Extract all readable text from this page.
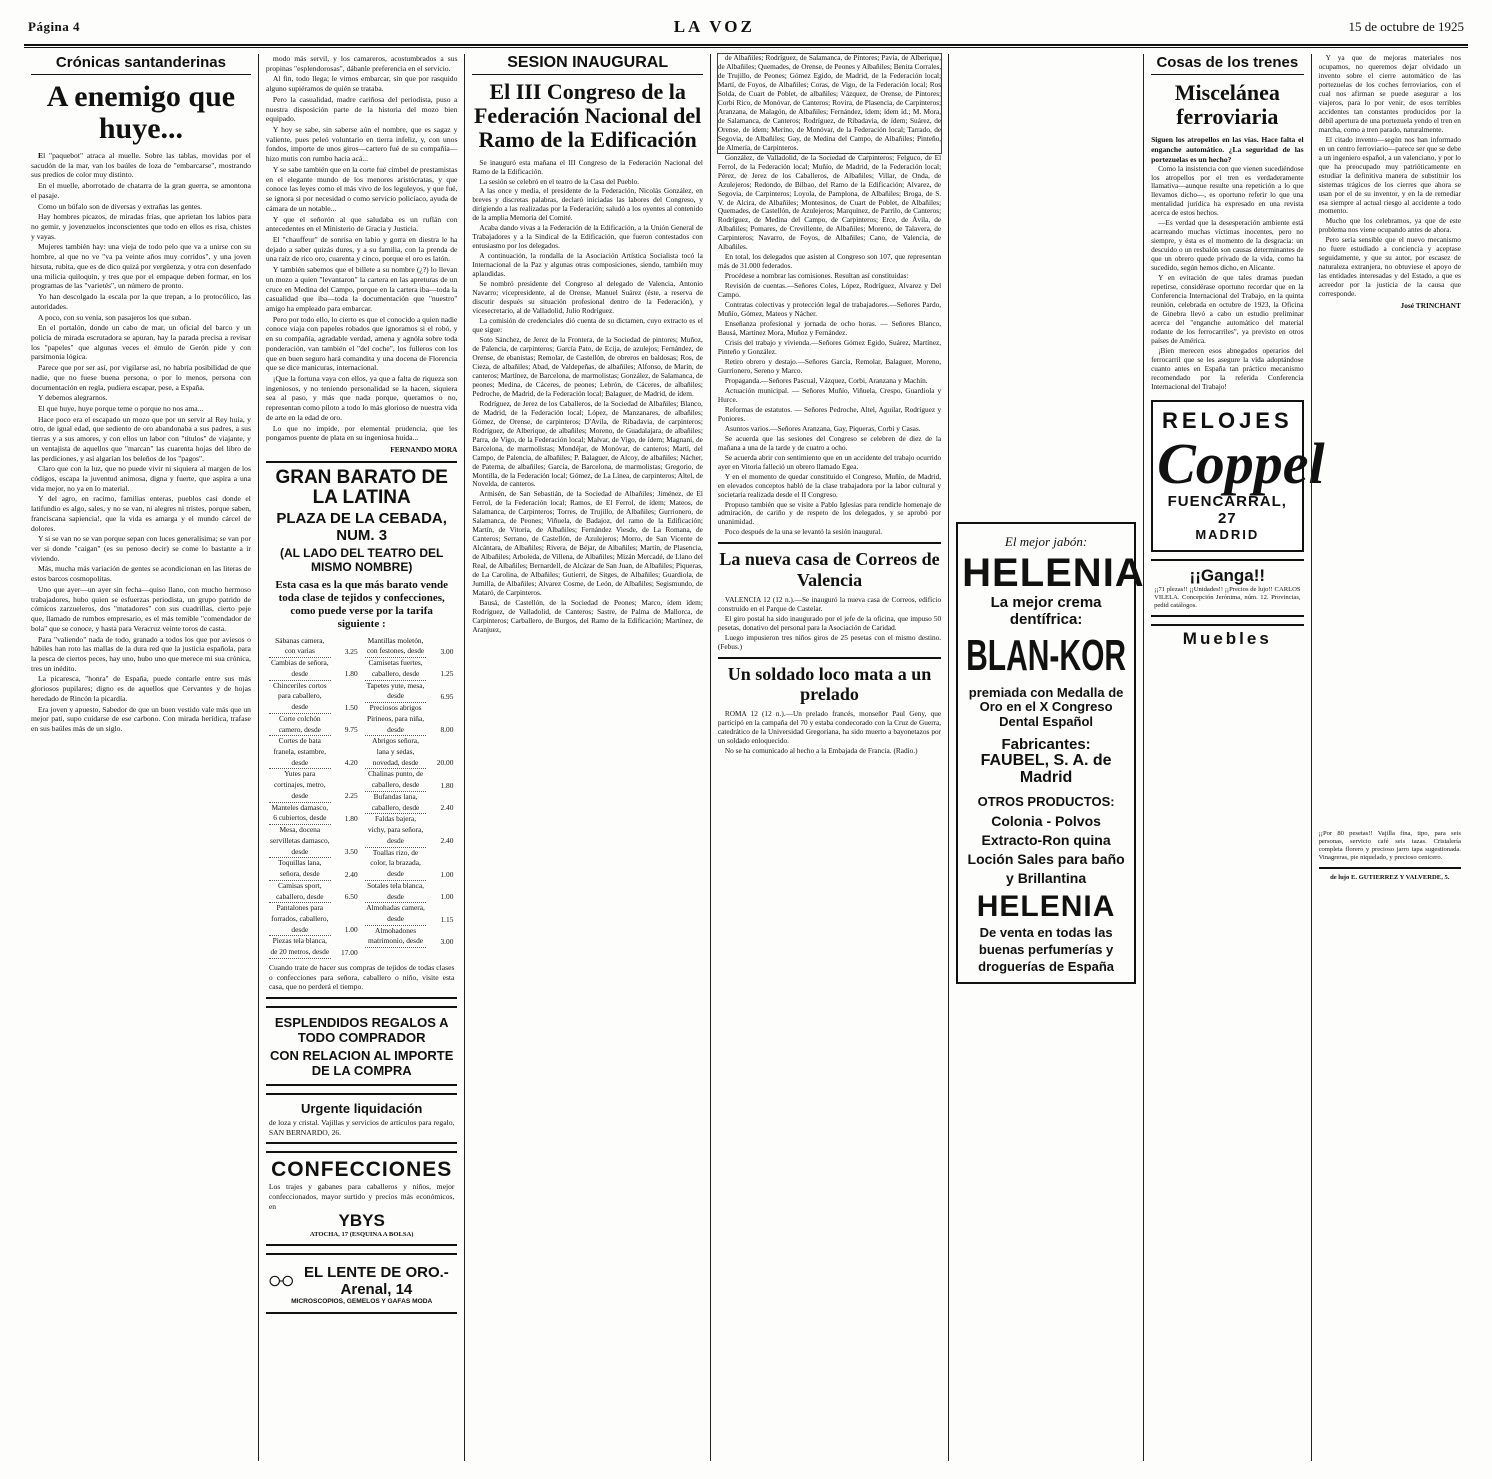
Página 4	LA VOZ	15 de octubre de 1925
Crónicas santanderinas
A enemigo que huye...

El "paquebot" atraca al muelle. Sobre las tablas, movidas por el sacudón de la mar, van los baúles de loza de "embarcarse", mostrando sus predios de color muy distinto.

En el muelle, aborrotado de chatarra de la gran guerra, se amontona el pasaje.

Como un búfalo son de diversas y extrañas las gentes.

Hay hombres picazos, de miradas frías, que aprietan los labios para no gemir, y jovenzuelos inconscientes que todo en ellos es risa, chistes y vayas.

Mujeres también hay: una vieja de todo pelo que va a unirse con su hombre, al que no ve "va pa veinte años muy corridos", y una joven hirsuta, rubita, que es de dico quizá por vergüenza, y otra con desenfado una milicia quiloquín, y tres que por el empaque deben formar, en los programas de las "varietés", un número de pronto.

Yo han descolgado la escala por la que trepan, a lo protocólico, las autoridades.

A poco, con su venia, son pasajeros los que suban.

En el portalón, donde un cabo de mar, un oficial del barco y un policía de mirada escrutadora se apuran, hay la parada precisa a revisar los "papeles" que algunas veces el émulo de Gerón pide y con parsimonia lógica.

Parece que por ser así, por vigilarse así, no habría posibilidad de que nadie, que no fuese buena persona, o por lo menos, persona con documentación en regla, pudiera escapar, pese, a España.

Y debemos alegrarnos.

El que huye, huye porque teme o porque no nos ama...

Hace poco era el escapado un mozo que por un servir al Rey huía, y otro, de igual edad, que sediento de oro abandonaba a sus padres, a sus tierras y a sus amores, y con ellos un labor con "títulos" de viajante, y un ventajista de aquellos que "marcan" las cuarenta hojas del libro de las perdiciones, y así algarían los beleños de los "pagos".

Claro que con la luz, que no puede vivir ni siquiera al margen de los códigos, escapa la juventud animosa, digna y fuerte, que aspira a una vida mejor, no ya en lo material.

Y del agro, en racimo, familias enteras, pueblos casi donde el latifundio es algo, sales, y no se van, ni alegres ni tristes, porque saben, franciscana sapiencia!, que la vida es amarga y el mundo cárcel de dolores.

Y si se van no se van porque sepan con luces generalísima; se van por ver si donde "caigan" (es su penoso decir) se come lo bastante a ir viviendo.

Más, mucha más variación de gentes se acondicionan en las literas de estos barcos cosmopolitas.

Uno que ayer—un ayer sin fecha—quiso llano, con mucho hermoso trabajadores, hubo quien se esfuerzas periodista, un grupo patrido de cómicos zarzueleros, dos "matadores" con sus cuadrillas, cierto peje que, llamado de rumbos empresario, es el más temible "comendador de bola" que se conoce, y hasta para Veracruz veinte toros de casta.

Para "valiendo" nada de todo, granado a todos los que por aviesos o hábiles han roto las mallas de la dura red que la justicia española, para la pesca de ciertos peces, hay uno, hubo uno que merece mi sua crónica, tres un inédito.

La picaresca, "honra" de España, puede contarle entre sus más gloriosos pupilares; digno es de aquellos que Cervantes y de hojas heredado de Rincón la picardía.

Era joven y apuesto, Sabedor de que un buen vestido vale más que un mejor pati, supo cuidarse de ese carbono. Con mirada herídica, trafase en sus baúles más de un siglo.

modo más servil, y los camareros, acostumbrados a sus propinas "esplendorosas", dábanle preferencia en el servicio.

Al fin, todo llega; le vimos embarcar, sin que por rasquido alguno supiéramos de quién se trataba.

Pero la casualidad, madre cariñosa del periodista, puso a nuestra disposición parte de la historia del mozo bien equipado.

Y hoy se sabe, sin saberse aún el nombre, que es sagaz y valiente, pues peleó voluntario en tierra infeliz, y, con unos fondos, importe de unos giros—cartero fué de su compañía—hizo mutis con rumbo hacia acá...

Y se sabe también que en la corte fué cimbel de prestamistas en el elegante mundo de los menores aristócratas, y que conoce las leyes como el más vivo de los leguleyos, y que fué, se ignora si por necesidad o como servicio policíaco, ayuda de cámara de un notable...

Y que el señorón al que saludaba es un ruflán con antecedentes en el Ministerio de Gracia y Justicia.

El "chauffeur" de sonrisa en labio y gorra en diestra le ha dejado a saber quizás dures, y a su familia, con la prenda de una raíz de rico oro, cuarenta y cinco, porque el oro es latón.

Y también sabemos que el billete a su nombre (¿?) lo llevan un mozo a quien "levantaron" la cartera en las apreturas de un cruce en Medina del Campo, porque en la cartera iba—toda la casualidad que iba—toda la documentación que "nuestro" amigo ha empleado para embarcar.

Pero por todo ello, lo cierto es que el conocido a quien nadie conoce viaja con papeles robados que ignoramos si el robó, y en su compañía, agradable verdad, amena y agnóla sobre toda ponderación, van también el "del coche", los fulleros con los que en buen seguro hará comandita y una docena de Florencia que se dice manicuras, internacional.

¡Que la fortuna vaya con ellos, ya que a falta de riqueza son ingeniosos, y no teniendo personalidad se la hacen, siquiera sea al paso, y más que nada porque, queramos o no, representan como piloto a todo lo más glorioso de nuestra vida de arte en la edad de oro.

Lo que no impide, por elemental prudencia, que les pongamos puente de plata en su ingeniosa huida...

FERNANDO MORA
GRAN BARATO DE LA LATINA
PLAZA DE LA CEBADA, NUM. 3
(AL LADO DEL TEATRO DEL MISMO NOMBRE)
Esta casa es la que más barato vende toda clase de tejidos y confecciones, como puede verse por la tarifa siguiente :
Sábanas camera, con varias	3.25
Cambias de señora, desde	1.80
Chinceriles cortos para caballero, desde	1.50
Corte colchón camero, desde	9.75
Cortes de bata franela, estambre, desde	4.20
Yutes para cortinajes, metro, desde	2.25
Manteles damasco, 6 cubiertos, desde	1.80
Mesa, docena servilletas damasco, desde	3.50
Toquillas lana, señora, desde	2.40
Camisas sport, caballero, desde	6.50
Pantalones para forrados, caballero, desde	1.00
Piezas tela blanca, de 20 metros, desde	17.00
Mantillas moletón, con festones, desde	3.00
Camisetas fuertes, caballero, desde	1.25
Tapetes yute, mesa, desde	6.95
Preciosos abrigos Pirineos, para niña, desde	8.00
Abrigos señora, lana y sedas, novedad, desde	20.00
Chalinas punto, de caballero, desde	1.80
Bufandas lana, caballero, desde	2.40
Faldas bajera, vichy, para señora, desde	2.40
Toallas rizo, de color, la brazada, desde	1.00
Sotales tela blanca, desde	1.00
Almohadas camera, desde	1.15
Almohadones matrimonio, desde	3.00
Cuando trate de hacer sus compras de tejidos de todas clases o confecciones para señora, caballero o niño, visite esta casa, que no perderá el tiempo.
ESPLENDIDOS REGALOS A TODO COMPRADOR
CON RELACION AL IMPORTE DE LA COMPRA
Urgente liquidación
de loza y cristal. Vajillas y servicios de artículos para regalo, SAN BERNARDO, 26.
CONFECCIONES
Los trajes y gabanes para caballeros y niños, mejor confeccionados, mayor surtido y precios más económicos, en
YBYS
ATOCHA, 17 (ESQUINA A BOLSA)
EL LENTE DE ORO.-Arenal, 14
MICROSCOPIOS, GEMELOS Y GAFAS MODA
SESION INAUGURAL
El III Congreso de la Federación Nacional del Ramo de la Edificación

Se inauguró esta mañana el III Congreso de la Federación Nacional del Ramo de la Edificación.

La sesión se celebró en el teatro de la Casa del Pueblo.

A las once y media, el presidente de la Federación, Nicolás González, en breves y discretas palabras, declaró iniciadas las labores del Congreso, y dirigiendo a las realizadas por la Federación; saludó a los oyentes al contenido de la amplia Memoria del Comité.

Acaba dando vivas a la Federación de la Edificación, a la Unión General de Trabajadores y a la Sindical de la Edificación, que fueron contestados con entusiasmo por los delegados.

A continuación, la rondalla de la Asociación Artística Socialista tocó la Internacional de la Paz y algunas otras composiciones, siendo, también muy aplaudidas.

Se nombró presidente del Congreso al delegado de Valencia, Antonio Navarro; vicepresidente, al de Orense, Manuel Suárez (éste, a reserva de discutir después su situación profesional dentro de la Federación), y vicesecretario, al de Valladolid, Julio Rodríguez.

La comisión de credenciales dió cuenta de su dictamen, cuyo extracto es el que sigue:

Soto Sánchez, de Jerez de la Frontera, de la Sociedad de pintores; Muñoz, de Palencia, de carpinteros; García Pato, de Ecija, de azulejos; Fernández, de Orense, de ebanistas; Remolar, de Castellón, de obreros en baldosas; Ros, de Cieza, de albañiles; Abad, de Valdepeñas, de albañiles; Alfonso, de Marín, de canteros; Martínez, de Barcelona, de marmolistas; González, de Salamanca, de peones; Medina, de Cáceres, de peones; Lebrón, de Cáceres, de albañiles; Pedroche, de Madrid, de la Federación local; Balaguer, de Madrid, de ídem.

Rodríguez, de Jerez de los Caballeros, de la Sociedad de Albañiles; Blanco, de Madrid, de la Federación local; López, de Manzanares, de albañiles; Gómez, de Orense, de carpinteros; D'Avila, de Ribadavia, de carpinteros; Rodríguez, de Alberique, de albañiles; Moreno, de Guadalajara, de albañiles; Parra, de Vigo, de la Federación local; Malvar, de Vigo, de ídem; Magnani, de Barcelona, de marmolistas; Mondéjar, de Monóvar, de canteros; Martí, del Campo, de Palencia, de albañiles; P. Balaguer, de Alcoy, de albañiles; Nácher, de Paterna, de albañiles; García, de Barcelona, de marmolistas; Gregorio, de Montilla, de la Federación local; Gómez, de La Línea, de carpinteros; Altel, de Novelda, de canteros.

Armisén, de San Sebastián, de la Sociedad de Albañiles; Jiménez, de El Ferrol, de la Federación local; Ramos, de El Ferrol, de ídem; Mateos, de Salamanca, de Carpinteros; Torres, de Trujillo, de Albañiles; Gurrionero, de Salamanca, de Peones; Viñuela, de Badajoz, del ramo de la Edificación; Martín, de Vitoria, de Albañiles; Fernández Viesde, de La Romana, de Canteros; Serrano, de Castellón, de Azulejeros; Morro, de San Vicente de Alcántara, de Albañiles; Rivera, de Béjar, de Albañiles; Martín, de Plasencia, de Albañiles; Arboleda, de Villena, de Albañiles; Mizán Mercadé, de Llano del Real, de Albañiles; Bernardell, de Alcázar de San Juan, de Albañiles; Piqueras, de La Carolina, de Albañiles; Gutierri, de Sitges, de Albañiles; Guardiola, de Jumilla, de Albañiles; Alvarez Cosme, de León, de Albañiles; Segismundo, de Mataró, de Carpinteros.

Bausá, de Castellón, de la Sociedad de Peones; Marco, ídem ídem; Rodríguez, de Valladolid, de Canteros; Sastre, de Palma de Mallorca, de Carpinteros; Carballero, de Burgos, del Ramo de la Edificación; Martínez, de Aranjuez,

de Albañiles; Rodríguez, de Salamanca, de Pintores; Pavía, de Alberique, de Albañiles; Quemades, de Orense, de Peones y Albañiles; Benita Corrales, de Trujillo, de Peones; Gómez Egido, de Madrid, de la Federación local; Martí, de Foyos, de Albañiles; Coras, de Vigo, de la Federación local; Ros Solda, de Cuart de Poblet, de albañiles; Vázquez, de Orense, de Pintores; Corbi Rico, de Monóvar, de Canteros; Rovira, de Plasencia, de Carpinteros; Aranzana, de Malagón, de Albañiles; Fernández, ídem; ídem íd.; M. Mora, de Salamanca, de Canteros; Rodríguez, de Ribadavia, de ídem; Suárez, de Orense, de ídem; Merino, de Monóvar, de la Federación local; Tarrado, de Segovia, de Albañiles; Gay, de Medina del Campo, de Albañiles; Pinteño, de Almería, de Carpinteros.

González, de Valladolid, de la Sociedad de Carpinteros; Felguco, de El Ferrol, de la Federación local; Muñío, de Madrid, de la Federación local; Pérez, de Jerez de los Caballeros, de Albañiles; Villar, de Onda, de Azulejeros; Redondo, de Bilbao, del Ramo de la Edificación; Alvarez, de Segovia, de Carpinteros; Loyola, de Pamplona, de Albañiles; Broga, de S. V. de Alcira, de Albañiles; Montesinos, de Cuart de Poblet, de Albañiles; Quemades, de Castellón, de Azulejeros; Marquínez, de Parrilo, de Canteros; Rodríguez, de Medina del Campo, de Carpinteros; Erce, de Ávila, de Albañiles; Pomares, de Crevillente, de Albañiles; Moreno, de Talavera, de Carpinteros; Navarro, de Foyos, de Albañiles; Cano, de Valencia, de Albañiles.

En total, los delegados que asisten al Congreso son 107, que representan más de 31.000 federados.

Procédese a nombrar las comisiones. Resultan así constituidas:

Revisión de cuentas.—Señores Coles, López, Rodríguez, Alvarez y Del Campo.

Contratas colectivas y protección legal de trabajadores.—Señores Pardo, Muñío, Gómez, Mateos y Nácher.

Enseñanza profesional y jornada de ocho horas. — Señores Blanco, Bausá, Martínez Mora, Muñoz y Fernández.

Crisis del trabajo y vivienda.—Señores Gómez Egido, Suárez, Martínez, Pinteño y González.

Retiro obrero y destajo.—Señores García, Remolar, Balaguer, Moreno, Gurrionero, Sereno y Marco.

Propaganda.—Señores Pascual, Vázquez, Corbi, Aranzana y Machín.

Actuación municipal. — Señores Muñío, Viñuela, Crespo, Guardiola y Hurce.

Reformas de estatutos. — Señores Pedroche, Altel, Aguilar, Rodríguez y Poniores.

Asuntos varios.—Señores Aranzana, Gay, Piqueras, Corbi y Casas.

Se acuerda que las sesiones del Congreso se celebren de diez de la mañana a una de la tarde y de cuatro a ocho.

Se acuerda abrir con sentimiento que en un accidente del trabajo ocurrido ayer en Vitoria falleció un obrero llamado Egea.

Y en el momento de quedar constituido el Congreso, Muñío, de Madrid, en elevados conceptos habló de la clase trabajadora por la labor cultural y societaria realizada desde el II Congreso.

Propuso también que se visite a Pablo Iglesias para rendirle homenaje de admiración, de cariño y de respeto de los delegados, y se aprobó por unanimidad.

Poco después de la una se levantó la sesión inaugural.

La nueva casa de Correos de Valencia

VALENCIA 12 (12 n.).—Se inauguró la nueva casa de Correos, edificio construido en el Parque de Castelar.

El giro postal ha sido inaugurado por el jefe de la oficina, que impuso 50 pesetas, donativo del personal para la Asociación de Caridad.

Luego impusieron tres niños giros de 25 pesetas con el mismo destino. (Febus.)

Un soldado loco mata a un prelado

ROMA 12 (12 n.).—Un prelado francés, monseñor Paul Geny, que participó en la campaña del 70 y estaba condecorado con la Cruz de Guerra, catedrático de la Universidad Gregoriana, ha sido muerto a bayonetazos por un soldado enloquecido.

No se ha comunicado al hecho a la Embajada de Francia. (Radio.)

El mejor jabón:
HELENIA
La mejor crema dentífrica:
BLAN-KOR
premiada con Medalla de Oro en el X Congreso Dental Español
Fabricantes:
FAUBEL, S. A. de Madrid
OTROS PRODUCTOS:
Colonia - Polvos Extracto-Ron quina Loción Sales para baño y Brillantina
HELENIA
De venta en todas las buenas perfumerías y droguerías de España
Cosas de los trenes
Miscelánea ferroviaria
Siguen los atropellos en las vías. Hace falta el enganche automático. ¿La seguridad de las portezuelas es un hecho?

Como la insistencia con que vienen sucediéndose los atropellos por el tren es verdaderamente llamativa—aunque resulte una repetición a lo que llevamos dicho—, es oportuno referir lo que una mentalidad jurídica ha expresado en una revista acerca de estos hechos.

—Es verdad que la desesperación ambiente está acarreando muchas víctimas inocentes, pero no siempre, y ésta es el momento de la desgracia: un descuido o un resbalón son causas determinantes de que un obrero quede privado de la vida, como ha sucedido, según hemos dicho, en Alicante.

Y en evitación de que tales dramas puedan repetirse, considérase oportuno recordar que en la Conferencia Internacional del Trabajo, en la quinta reunión, celebrada en octubre de 1923, la Oficina de Ginebra llevó a cabo un estudio preliminar acerca del "enganche automático del material rodante de los ferrocarriles", ya previsto en otros países de América.

¡Bien merecen esos abnegados operarios del ferrocarril que se les asegure la vida adoptándose cuanto antes en España tan práctico mecanismo recomendado por la referida Conferencia Internacional del Trabajo!

RELOJES
Coppel
FUENCARRAL, 27
MADRID
¡¡Ganga!!
¡¡71 plezas!! ¡¡Unidades!! ¡¡Precios de lujo!! CARLOS VILELA. Concepción Jerónima, núm. 12. Provincias, pedid catálogos.
Muebles

Y ya que de mejoras materiales nos ocupamos, no queremos dejar olvidado un invento sobre el cierre automático de las portezuelas de los coches ferroviarios, con el cual nos afirman se puede asegurar a los viajeros, para lo por venir, de esos terribles accidentes tan constantes producidos por la débil apertura de una portezuela yendo el tren en marcha, como a tren parado, naturalmente.

El citado invento—según nos han informado en un centro ferroviario—parece ser que se debe a un ingeniero español, a un valenciano, y por lo que ha preocupado muy patrióticamente en estudiar la definitiva manera de substituir los sistemas trágicos de los cierres que ahora se usan por el de su inventor, y en la de remediar esa siempre al actual riesgo al accidente a todo momento.

Mucho que los celebramos, ya que de este problema nos viene ocupando antes de ahora.

Pero sería sensible que el nuevo mecanismo no fuere estudiado a conciencia y aceptase seguidamente, y que su autor, por escasez de naturaleza extranjera, no obtuviese el apoyo de las entidades interesadas y del Estado, a que es acreedor por la justicia de la causa que corresponde.

José TRINCHANT
¡¡Por 80 pesetas!! Vajilla fina, tipo, para seis personas, servicio café seis tazas. Cristalería completa florero y precioso jarro tapa sugestionada. Vinagreras, pie niquelado, y precioso cenicero.
de lujo E. GUTIERREZ Y VALVERDE, 5.
